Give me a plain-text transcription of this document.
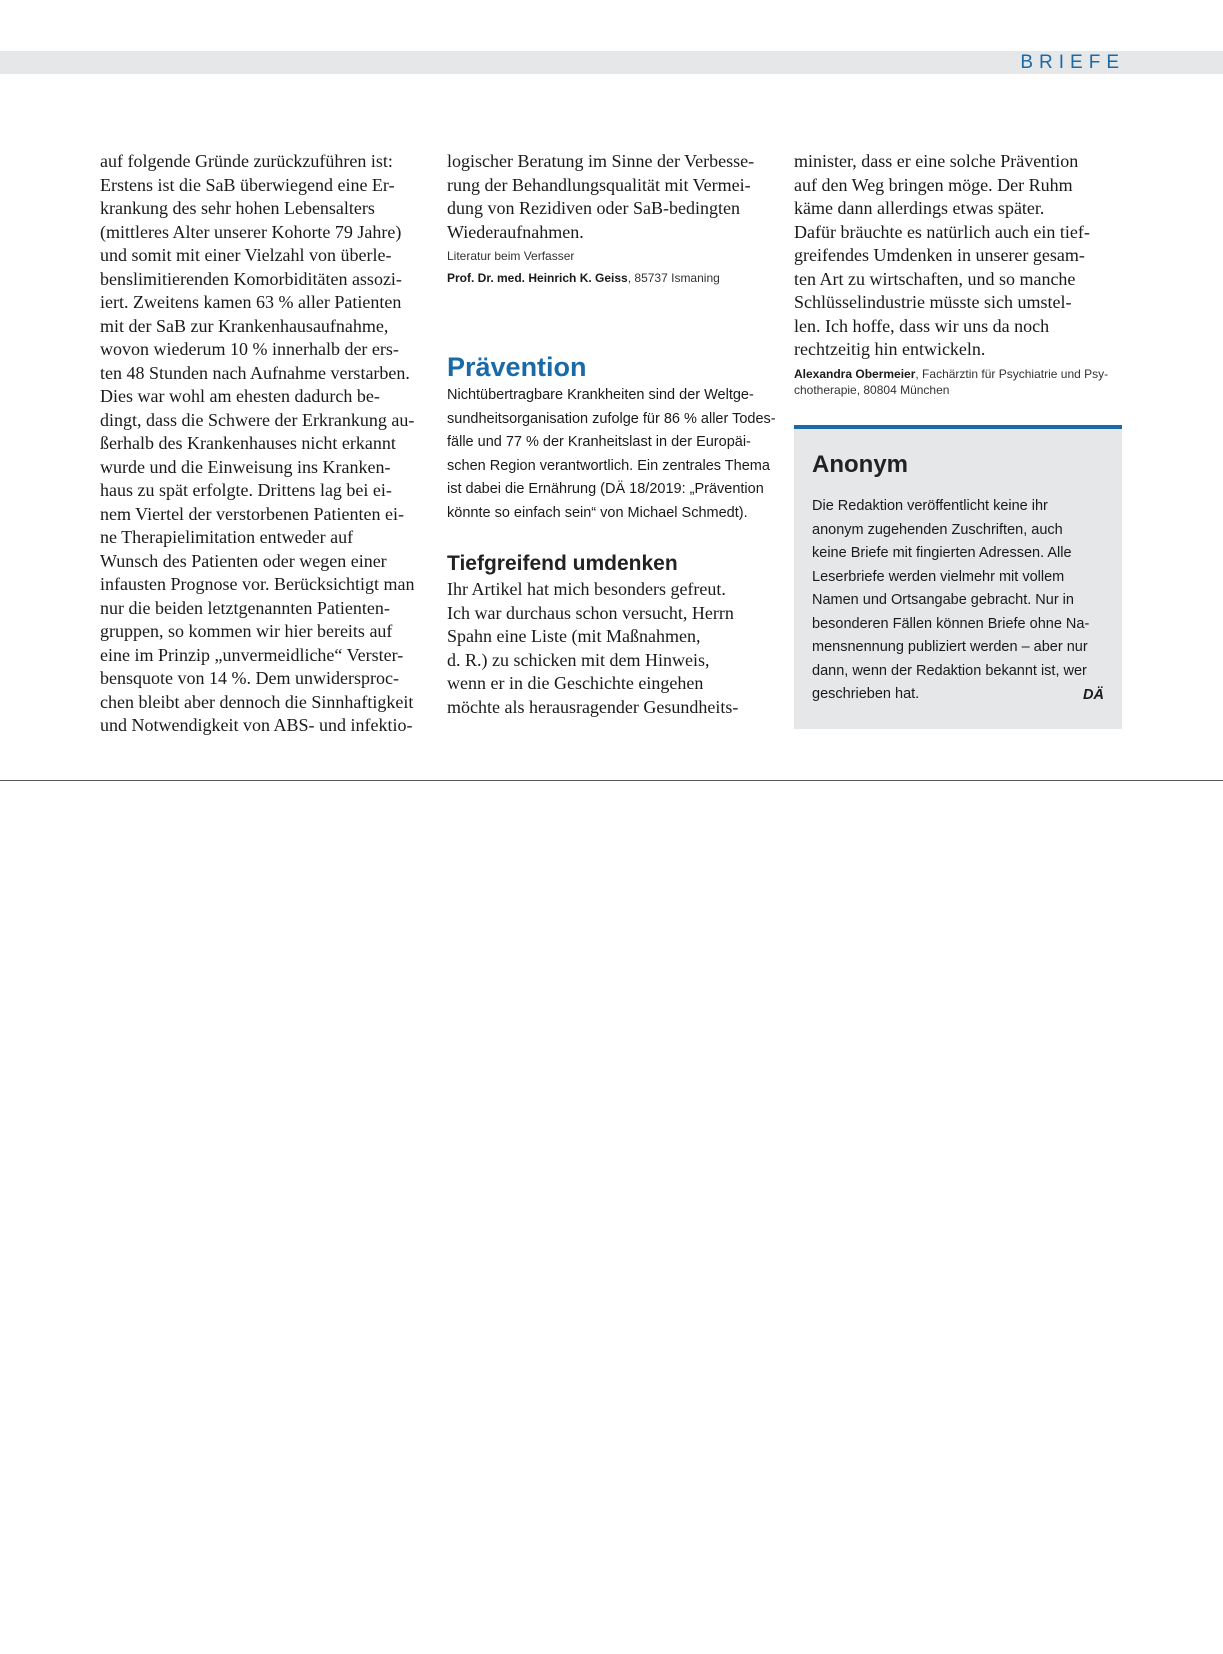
BRIEFE
auf folgende Gründe zurückzuführen ist:
Erstens ist die SaB überwiegend eine Er-
krankung des sehr hohen Lebensalters
(mittleres Alter unserer Kohorte 79 Jahre)
und somit mit einer Vielzahl von überle-
benslimitierenden Komorbiditäten assozi-
iert. Zweitens kamen 63 % aller Patienten
mit der SaB zur Krankenhausaufnahme,
wovon wiederum 10 % innerhalb der ers-
ten 48 Stunden nach Aufnahme verstarben.
Dies war wohl am ehesten dadurch be-
dingt, dass die Schwere der Erkrankung au-
ßerhalb des Krankenhauses nicht erkannt
wurde und die Einweisung ins Kranken-
haus zu spät erfolgte. Drittens lag bei ei-
nem Viertel der verstorbenen Patienten ei-
ne Therapielimitation entweder auf
Wunsch des Patienten oder wegen einer
infausten Prognose vor. Berücksichtigt man
nur die beiden letztgenannten Patienten-
gruppen, so kommen wir hier bereits auf
eine im Prinzip „unvermeidliche“ Verster-
bensquote von 14 %. Dem unwidersproc-
chen bleibt aber dennoch die Sinnhaftigkeit
und Notwendigkeit von ABS- und infektio-
logischer Beratung im Sinne der Verbesse-
rung der Behandlungsqualität mit Vermei-
dung von Rezidiven oder SaB-bedingten
Wiederaufnahmen.
Literatur beim Verfasser
Prof. Dr. med. Heinrich K. Geiss, 85737 Ismaning
Prävention
Nichtübertragbare Krankheiten sind der Weltge-
sundheitsorganisation zufolge für 86 % aller Todes-
fälle und 77 % der Kranheitslast in der Europäi-
schen Region verantwortlich. Ein zentrales Thema
ist dabei die Ernährung (DÄ 18/2019: „Prävention
könnte so einfach sein“ von Michael Schmedt).
Tiefgreifend umdenken
Ihr Artikel hat mich besonders gefreut.
Ich war durchaus schon versucht, Herrn
Spahn eine Liste (mit Maßnahmen,
d. R.) zu schicken mit dem Hinweis,
wenn er in die Geschichte eingehen
möchte als herausragender Gesundheits-
minister, dass er eine solche Prävention
auf den Weg bringen möge. Der Ruhm
käme dann allerdings etwas später.
Dafür bräuchte es natürlich auch ein tief-
greifendes Umdenken in unserer gesam-
ten Art zu wirtschaften, und so manche
Schlüsselindustrie müsste sich umstel-
len. Ich hoffe, dass wir uns da noch
rechtzeitig hin entwickeln.
Alexandra Obermeier, Fachärztin für Psychiatrie und Psy-
chotherapie, 80804 München
Anonym
Die Redaktion veröffentlicht keine ihr
anonym zugehenden Zuschriften, auch
keine Briefe mit fingierten Adressen. Alle
Leserbriefe werden vielmehr mit vollem
Namen und Ortsangabe gebracht. Nur in
besonderen Fällen können Briefe ohne Na-
mensnennung publiziert werden – aber nur
dann, wenn der Redaktion bekannt ist, wer
geschrieben hat.	DÄ
